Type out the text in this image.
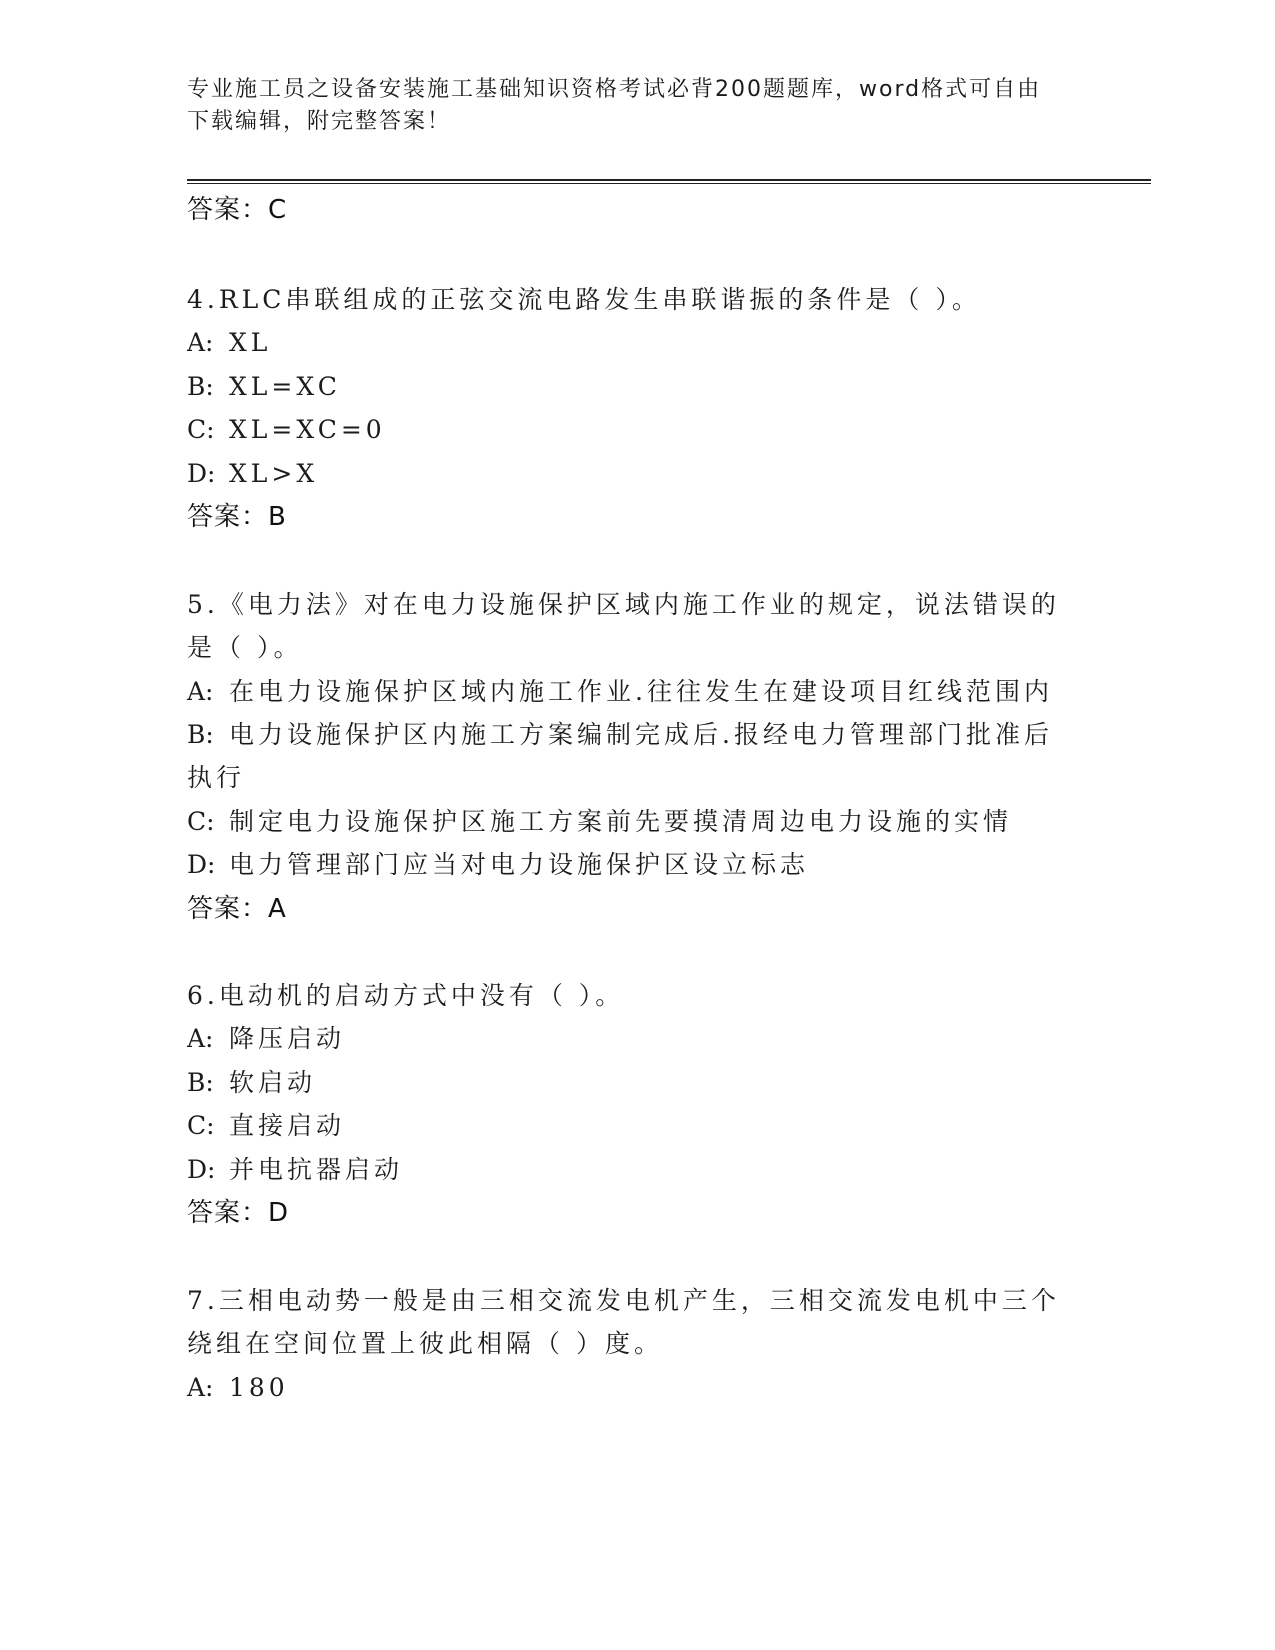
专业施工员之设备安装施工基础知识资格考试必背200题题库，word格式可自由
下载编辑，附完整答案！
答案：C
4.RLC串联组成的正弦交流电路发生串联谐振的条件是（ ）。
A: XL
B: XL=XC
C: XL=XC=0
D: XL>X
答案：B
5.《电力法》对在电力设施保护区域内施工作业的规定，说法错误的
是（ ）。
A: 在电力设施保护区域内施工作业.往往发生在建设项目红线范围内
B: 电力设施保护区内施工方案编制完成后.报经电力管理部门批准后
执行
C: 制定电力设施保护区施工方案前先要摸清周边电力设施的实情
D: 电力管理部门应当对电力设施保护区设立标志
答案：A
6.电动机的启动方式中没有（ ）。
A: 降压启动
B: 软启动
C: 直接启动
D: 并电抗器启动
答案：D
7.三相电动势一般是由三相交流发电机产生，三相交流发电机中三个
绕组在空间位置上彼此相隔（ ）度。
A: 180
